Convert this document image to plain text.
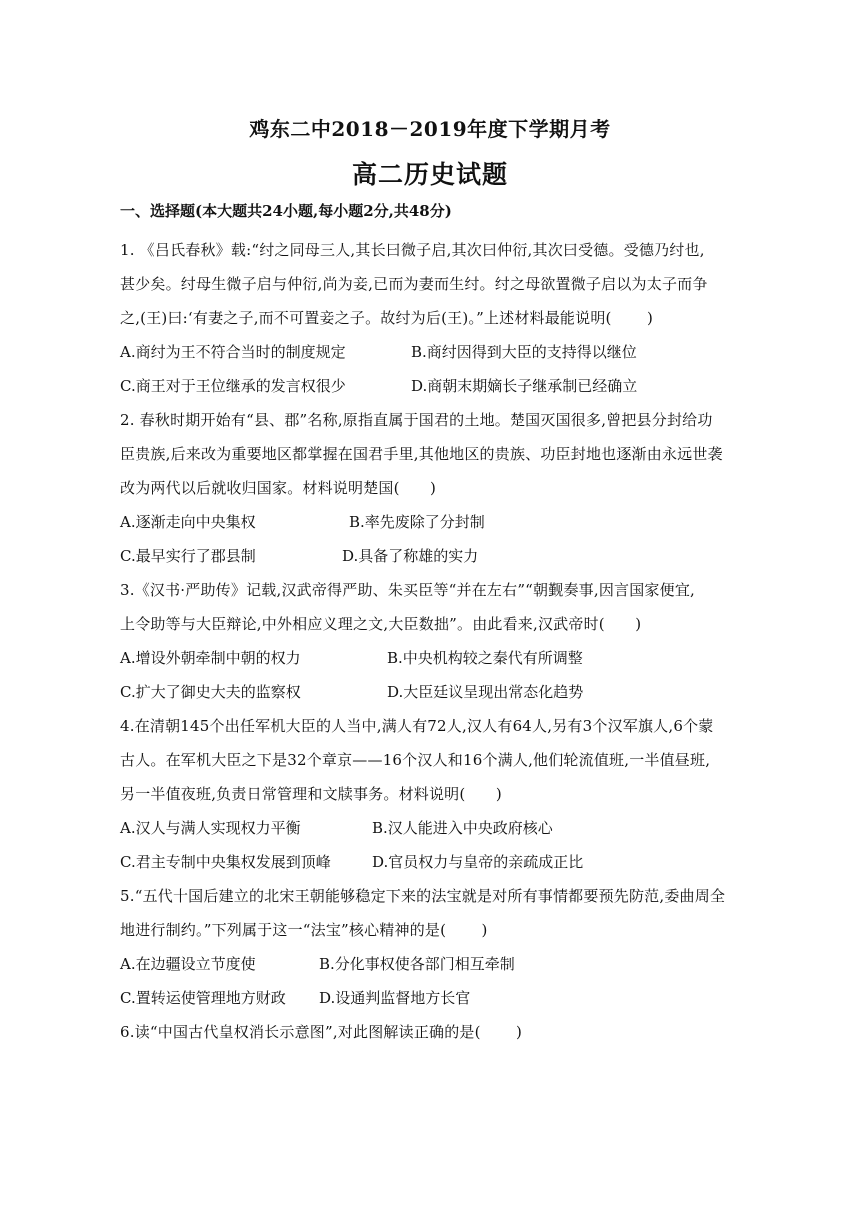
鸡东二中2018－2019年度下学期月考
高二历史试题
一、选择题(本大题共24小题,每小题2分,共48分)
1. 《吕氏春秋》载:“纣之同母三人,其长曰微子启,其次曰仲衍,其次曰受德。受德乃纣也,
甚少矣。纣母生微子启与仲衍,尚为妾,已而为妻而生纣。纣之母欲置微子启以为太子而争
之,(王)曰:‘有妻之子,而不可置妾之子。故纣为后(王)。”上述材料最能说明(　　 )
A.商纣为王不符合当时的制度规定	B.商纣因得到大臣的支持得以继位
C.商王对于王位继承的发言权很少	D.商朝末期嫡长子继承制已经确立
2. 春秋时期开始有“县、郡”名称,原指直属于国君的土地。楚国灭国很多,曾把县分封给功
臣贵族,后来改为重要地区都掌握在国君手里,其他地区的贵族、功臣封地也逐渐由永远世袭
改为两代以后就收归国家。材料说明楚国(　　)
A.逐渐走向中央集权	B.率先废除了分封制
C.最早实行了郡县制	D.具备了称雄的实力
3.《汉书·严助传》记载,汉武帝得严助、朱买臣等“并在左右”“朝觐奏事,因言国家便宜,
上令助等与大臣辩论,中外相应义理之文,大臣数拙”。由此看来,汉武帝时(　　)
A.增设外朝牵制中朝的权力	B.中央机构较之秦代有所调整
C.扩大了御史大夫的监察权	D.大臣廷议呈现出常态化趋势
4.在清朝145个出任军机大臣的人当中,满人有72人,汉人有64人,另有3个汉军旗人,6个蒙
古人。在军机大臣之下是32个章京——16个汉人和16个满人,他们轮流值班,一半值昼班,
另一半值夜班,负责日常管理和文牍事务。材料说明(　　)
A.汉人与满人实现权力平衡	B.汉人能进入中央政府核心
C.君主专制中央集权发展到顶峰	D.官员权力与皇帝的亲疏成正比
5.“五代十国后建立的北宋王朝能够稳定下来的法宝就是对所有事情都要预先防范,委曲周全
地进行制约。”下列属于这一“法宝”核心精神的是(　　 )
A.在边疆设立节度使	B.分化事权使各部门相互牵制
C.置转运使管理地方财政 D.设通判监督地方长官
6.读“中国古代皇权消长示意图”,对此图解读正确的是(　　 )
